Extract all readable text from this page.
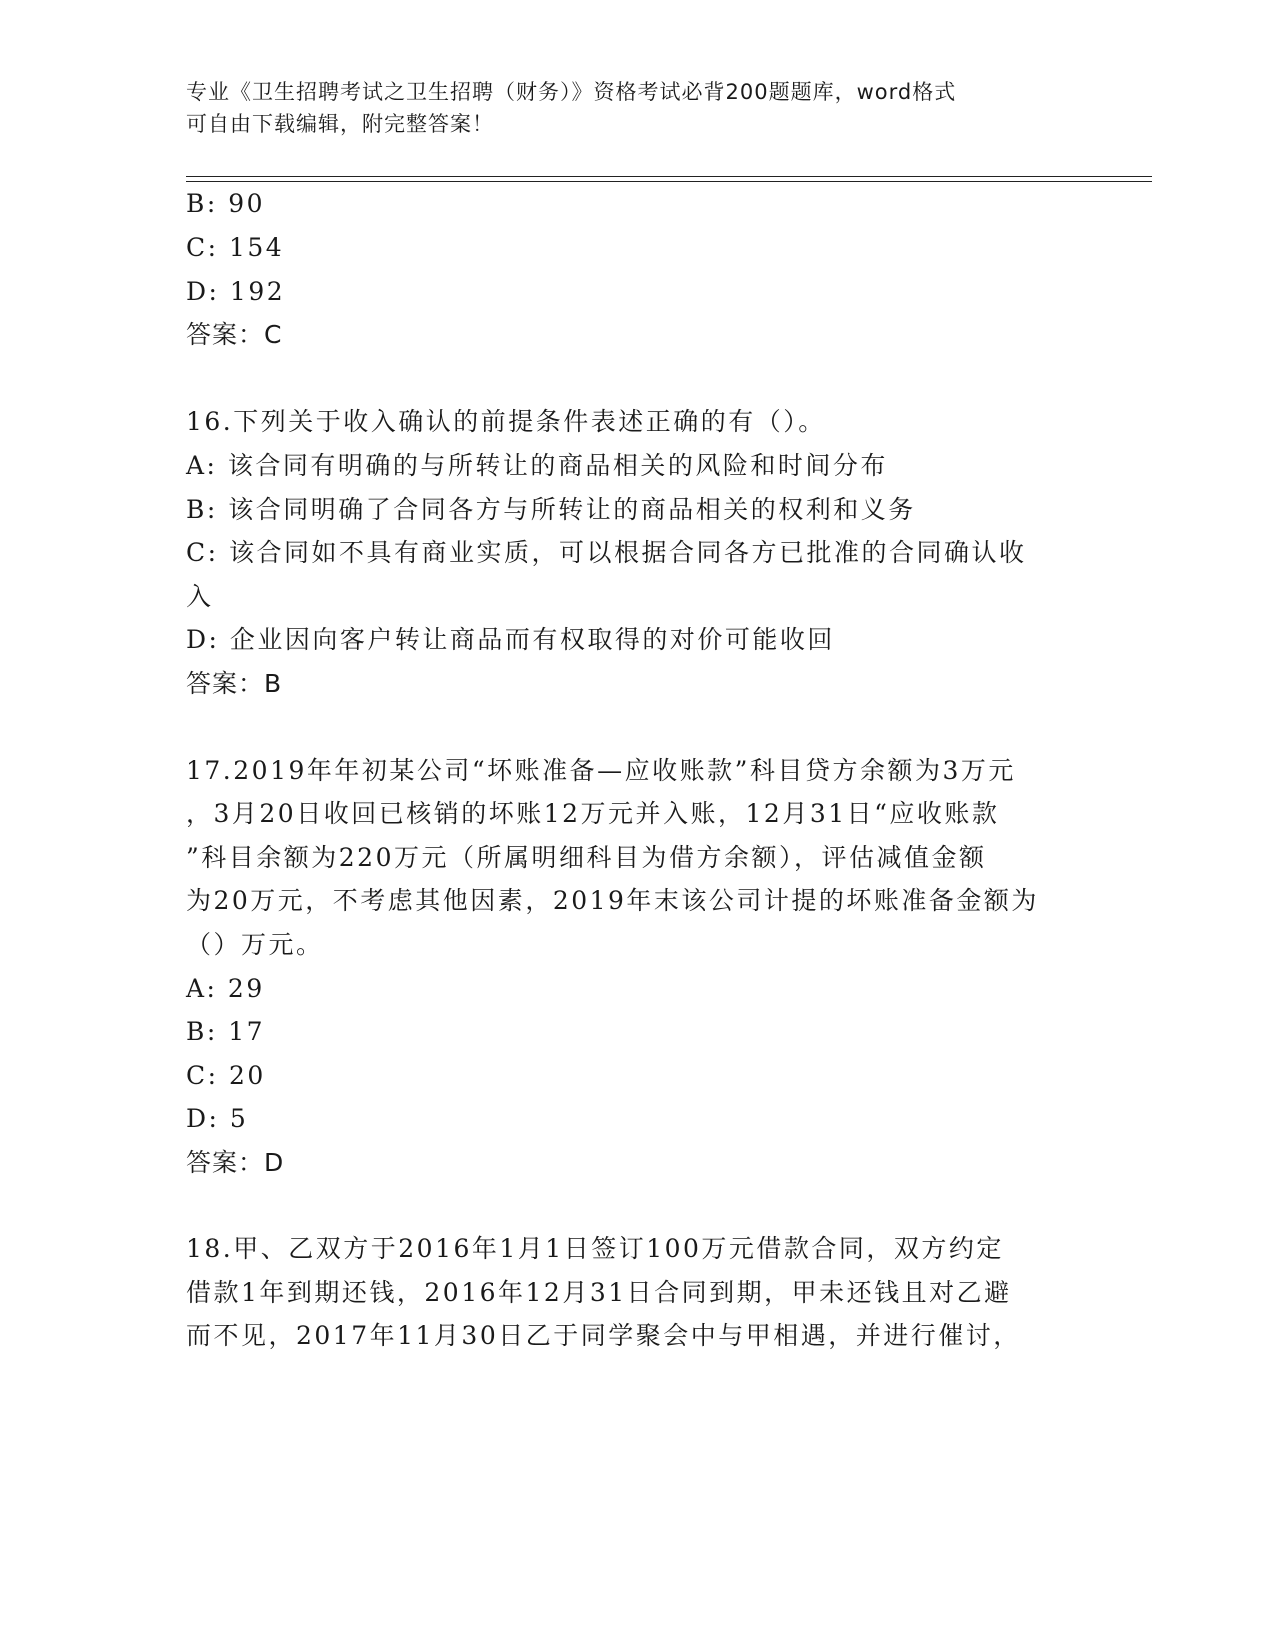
专业《卫生招聘考试之卫生招聘（财务）》资格考试必背200题题库，word格式
可自由下载编辑，附完整答案！
B: 90
C: 154
D: 192
答案：C
16.下列关于收入确认的前提条件表述正确的有（）。
A: 该合同有明确的与所转让的商品相关的风险和时间分布
B: 该合同明确了合同各方与所转让的商品相关的权利和义务
C: 该合同如不具有商业实质，可以根据合同各方已批准的合同确认收
入
D: 企业因向客户转让商品而有权取得的对价可能收回
答案：B
17.2019年年初某公司“坏账准备—应收账款”科目贷方余额为3万元
，3月20日收回已核销的坏账12万元并入账，12月31日“应收账款
”科目余额为220万元（所属明细科目为借方余额），评估减值金额
为20万元，不考虑其他因素，2019年末该公司计提的坏账准备金额为
（）万元。
A: 29
B: 17
C: 20
D: 5
答案：D
18.甲、乙双方于2016年1月1日签订100万元借款合同，双方约定
借款1年到期还钱，2016年12月31日合同到期，甲未还钱且对乙避
而不见，2017年11月30日乙于同学聚会中与甲相遇，并进行催讨，
